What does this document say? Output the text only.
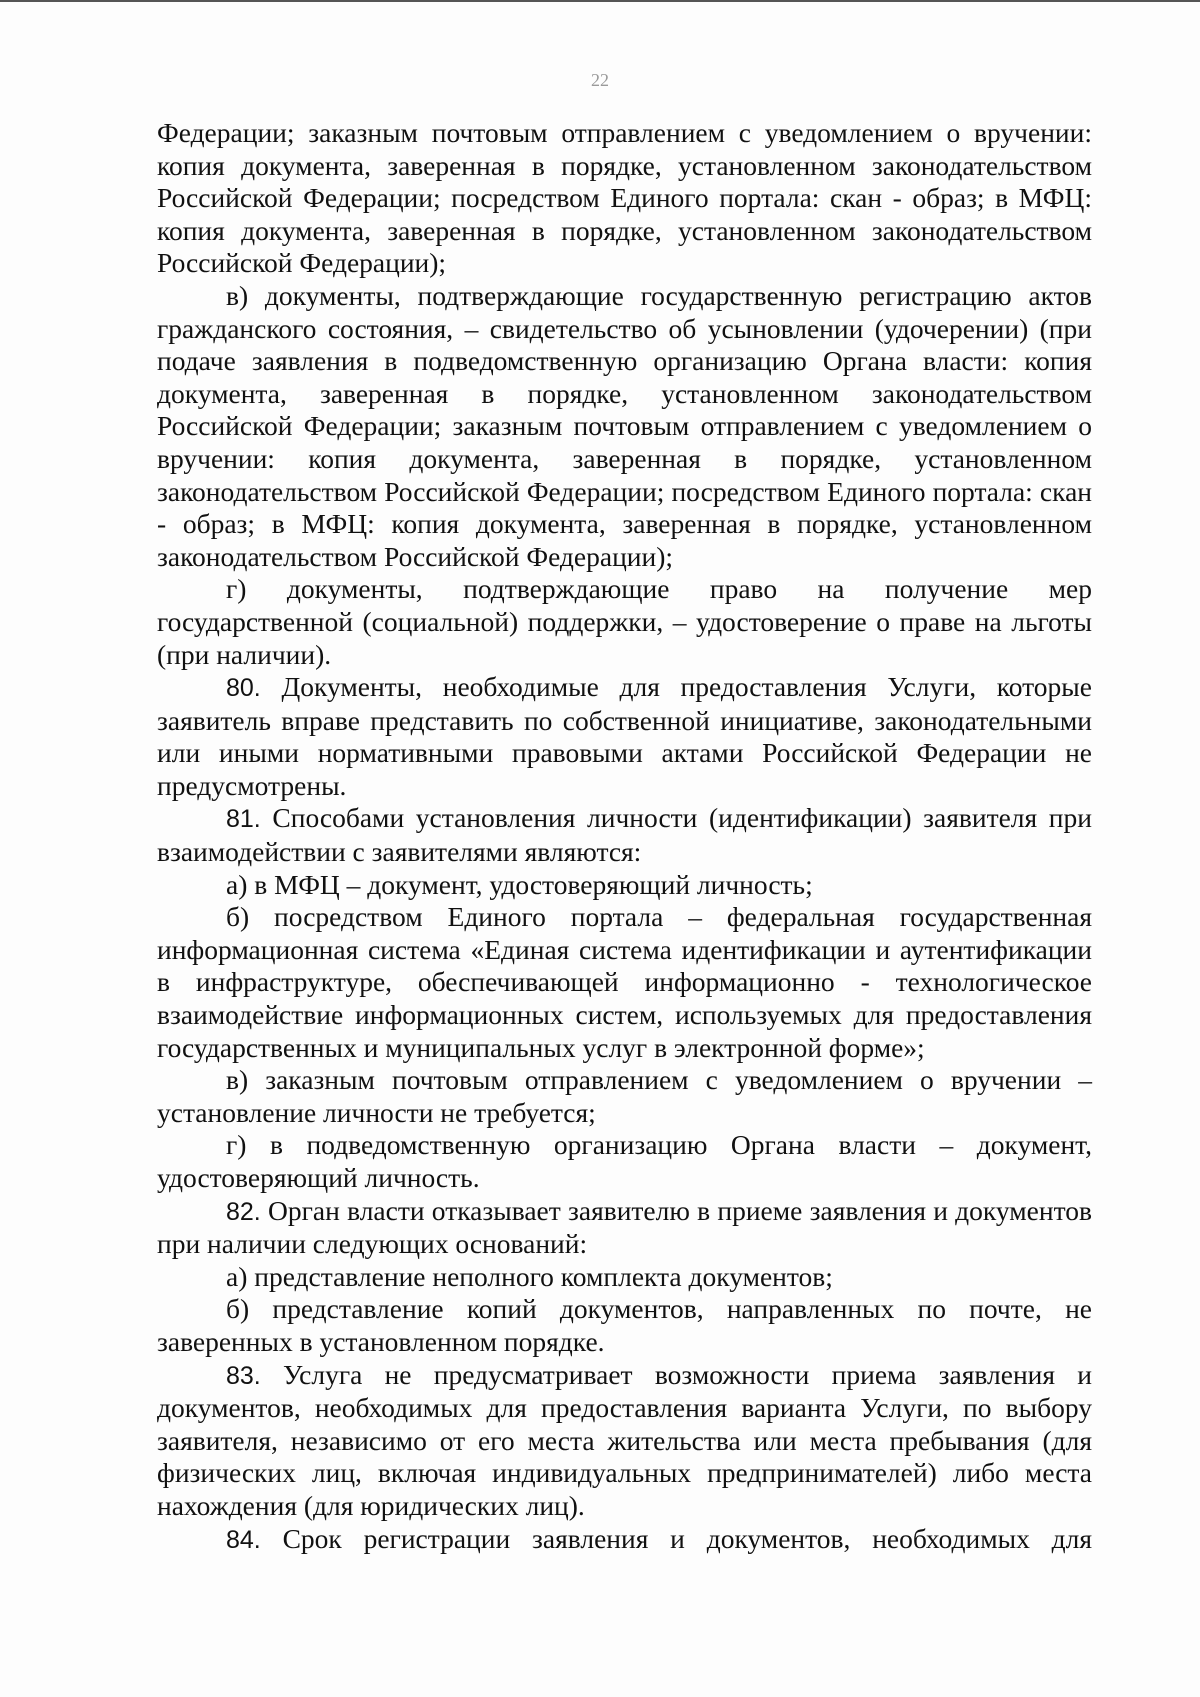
22

Федерации; заказным почтовым отправлением с уведомлением о вручении: копия документа, заверенная в порядке, установленном законодательством Российской Федерации; посредством Единого портала: скан - образ; в МФЦ: копия документа, заверенная в порядке, установленном законодательством Российской Федерации);

в) документы, подтверждающие государственную регистрацию актов гражданского состояния, – свидетельство об усыновлении (удочерении) (при подаче заявления в подведомственную организацию Органа власти: копия документа, заверенная в порядке, установленном законодательством Российской Федерации; заказным почтовым отправлением с уведомлением о вручении: копия документа, заверенная в порядке, установленном законодательством Российской Федерации; посредством Единого портала: скан - образ; в МФЦ: копия документа, заверенная в порядке, установленном законодательством Российской Федерации);

г) документы, подтверждающие право на получение мер государственной (социальной) поддержки, – удостоверение о праве на льготы (при наличии).

80. Документы, необходимые для предоставления Услуги, которые заявитель вправе представить по собственной инициативе, законодательными или иными нормативными правовыми актами Российской Федерации не предусмотрены.

81. Способами установления личности (идентификации) заявителя при взаимодействии с заявителями являются:

а) в МФЦ – документ, удостоверяющий личность;

б) посредством Единого портала – федеральная государственная информационная система «Единая система идентификации и аутентификации в инфраструктуре, обеспечивающей информационно - технологическое взаимодействие информационных систем, используемых для предоставления государственных и муниципальных услуг в электронной форме»;

в) заказным почтовым отправлением с уведомлением о вручении – установление личности не требуется;

г) в подведомственную организацию Органа власти – документ, удостоверяющий личность.

82. Орган власти отказывает заявителю в приеме заявления и документов при наличии следующих оснований:

а) представление неполного комплекта документов;

б) представление копий документов, направленных по почте, не заверенных в установленном порядке.

83. Услуга не предусматривает возможности приема заявления и документов, необходимых для предоставления варианта Услуги, по выбору заявителя, независимо от его места жительства или места пребывания (для физических лиц, включая индивидуальных предпринимателей) либо места нахождения (для юридических лиц).

84. Срок регистрации заявления и документов, необходимых для
